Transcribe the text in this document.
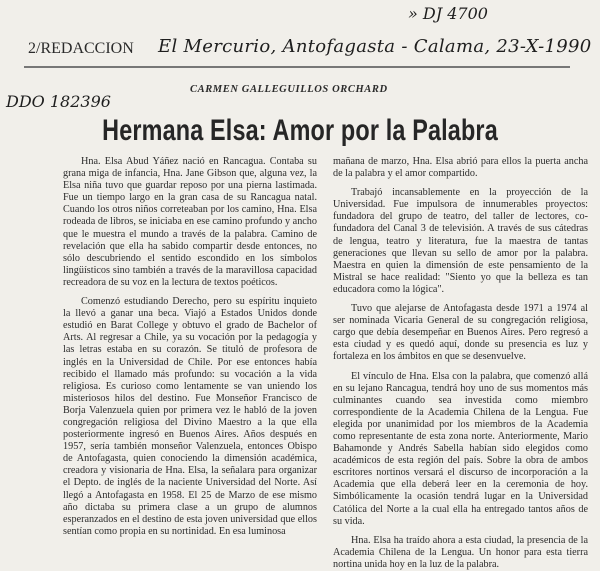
2/REDACCION El Mercurio, Antofagasta - Calama, 23-X-1990
» DJ 4700
DDO 182396
CARMEN GALLEGUILLOS ORCHARD
Hermana Elsa: Amor por la Palabra

Hna. Elsa Abud Yáñez nació en Rancagua. Contaba su grana miga de infancia, Hna. Jane Gibson que, alguna vez, la Elsa niña tuvo que guardar reposo por una pierna lastimada. Fue un tiempo largo en la gran casa de su Rancagua natal. Cuando los otros niños correteaban por los camino, Hna. Elsa rodeada de libros, se iniciaba en ese camino profundo y ancho que le muestra el mundo a través de la palabra. Camino de revelación que ella ha sabido compartir desde entonces, no sólo descubriendo el sentido escondido en los símbolos lingüísticos sino también a través de la maravillosa capacidad recreadora de su voz en la lectura de textos poéticos.

Comenzó estudiando Derecho, pero su espíritu inquieto la llevó a ganar una beca. Viajó a Estados Unidos donde estudió en Barat College y obtuvo el grado de Bachelor of Arts. Al regresar a Chile, ya su vocación por la pedagogía y las letras estaba en su corazón. Se tituló de profesora de inglés en la Universidad de Chile. Por ese entonces había recibido el llamado más profundo: su vocación a la vida religiosa. Es curioso como lentamente se van uniendo los misteriosos hilos del destino. Fue Monseñor Francisco de Borja Valenzuela quien por primera vez le habló de la joven congregación religiosa del Divino Maestro a la que ella posteriormente ingresó en Buenos Aires. Años después en 1957, sería también monseñor Valenzuela, entonces Obispo de Antofagasta, quien conociendo la dimensión académica, creadora y visionaria de Hna. Elsa, la señalara para organizar el Depto. de inglés de la naciente Universidad del Norte. Así llegó a Antofagasta en 1958. El 25 de Marzo de ese mismo año dictaba su primera clase a un grupo de alumnos esperanzados en el destino de esta joven universidad que ellos sentían como propia en su nortinidad. En esa luminosa

mañana de marzo, Hna. Elsa abrió para ellos la puerta ancha de la palabra y el amor compartido.

Trabajó incansablemente en la proyección de la Universidad. Fue impulsora de innumerables proyectos: fundadora del grupo de teatro, del taller de lectores, co-fundadora del Canal 3 de televisión. A través de sus cátedras de lengua, teatro y literatura, fue la maestra de tantas generaciones que llevan su sello de amor por la palabra. Maestra en quien la dimensión de este pensamiento de la Mistral se hace realidad: "Siento yo que la belleza es tan educadora como la lógica".

Tuvo que alejarse de Antofagasta desde 1971 a 1974 al ser nominada Vicaria General de su congregación religiosa, cargo que debía desempeñar en Buenos Aires. Pero regresó a esta ciudad y es quedó aquí, donde su presencia es luz y fortaleza en los ámbitos en que se desenvuelve.

El vínculo de Hna. Elsa con la palabra, que comenzó allá en su lejano Rancagua, tendrá hoy uno de sus momentos más culminantes cuando sea investida como miembro correspondiente de la Academia Chilena de la Lengua. Fue elegida por unanimidad por los miembros de la Academia como representante de esta zona norte. Anteriormente, Mario Bahamonde y Andrés Sabella habían sido elegidos como académicos de esta región del país. Sobre la obra de ambos escritores nortinos versará el discurso de incorporación a la Academia que ella deberá leer en la ceremonia de hoy. Simbólicamente la ocasión tendrá lugar en la Universidad Católica del Norte a la cual ella ha entregado tantos años de su vida.

Hna. Elsa ha traído ahora a esta ciudad, la presencia de la Academia Chilena de la Lengua. Un honor para esta tierra nortina unida hoy en la luz de la palabra.
